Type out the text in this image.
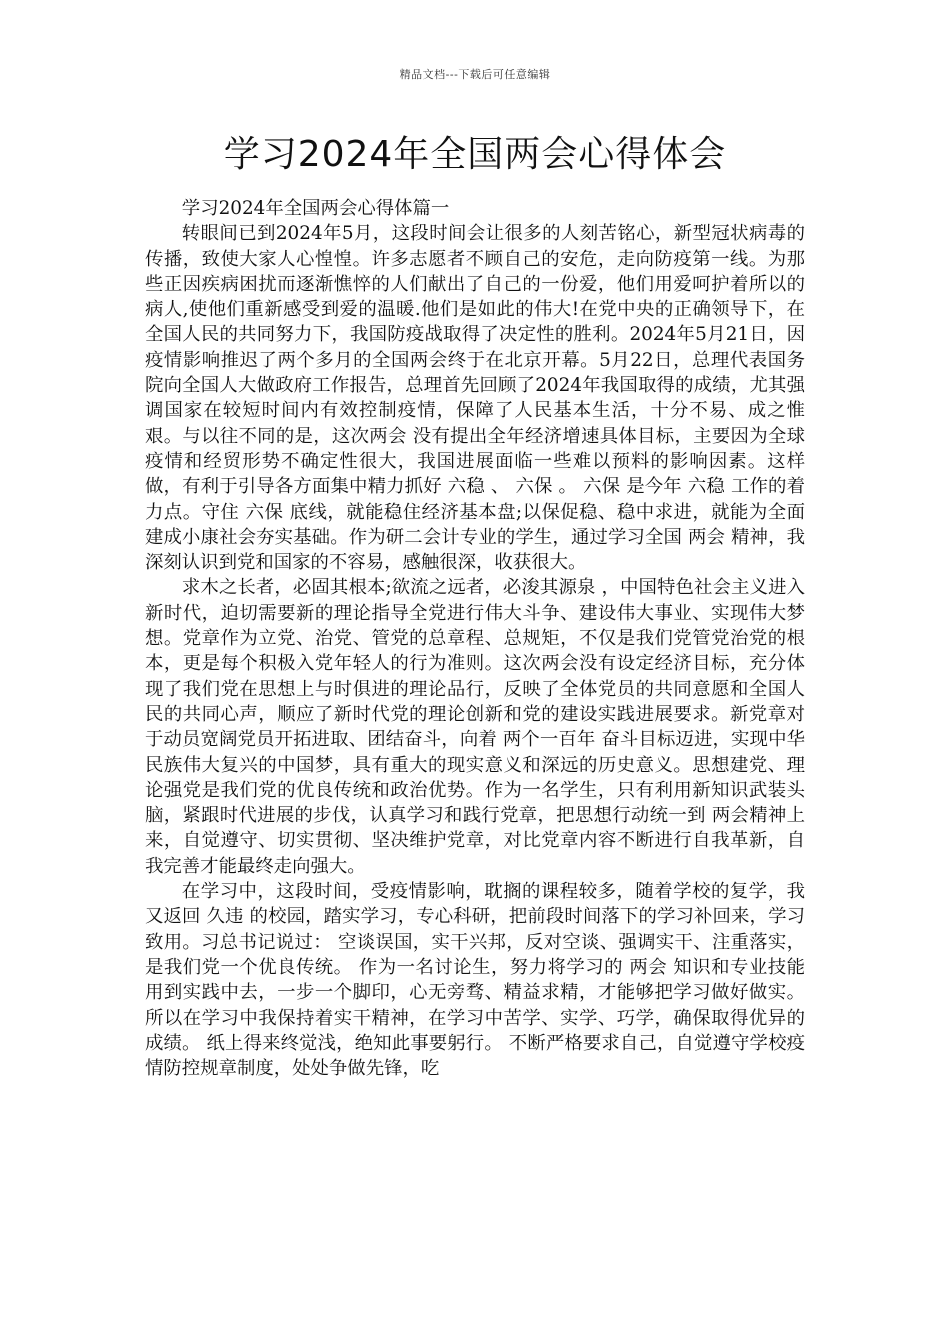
精品文档---下载后可任意编辑
学习2024年全国两会心得体会

学习2024年全国两会心得体篇一

转眼间已到2024年5月，这段时间会让很多的人刻苦铭心，新型冠状病毒的传播，致使大家人心惶惶。许多志愿者不顾自己的安危，走向防疫第一线。为那些正因疾病困扰而逐渐憔悴的人们献出了自己的一份爱，他们用爱呵护着所以的病人,使他们重新感受到爱的温暖.他们是如此的伟大!在党中央的正确领导下，在全国人民的共同努力下，我国防疫战取得了决定性的胜利。2024年5月21日，因疫情影响推迟了两个多月的全国两会终于在北京开幕。5月22日，总理代表国务院向全国人大做政府工作报告，总理首先回顾了2024年我国取得的成绩，尤其强调国家在较短时间内有效控制疫情，保障了人民基本生活，十分不易、成之惟艰。与以往不同的是，这次两会 没有提出全年经济增速具体目标，主要因为全球疫情和经贸形势不确定性很大，我国进展面临一些难以预料的影响因素。这样做，有利于引导各方面集中精力抓好 六稳 、 六保 。 六保 是今年 六稳 工作的着力点。守住 六保 底线，就能稳住经济基本盘;以保促稳、稳中求进，就能为全面建成小康社会夯实基础。作为研二会计专业的学生，通过学习全国 两会 精神，我深刻认识到党和国家的不容易，感触很深，收获很大。

求木之长者，必固其根本;欲流之远者，必浚其源泉 ，中国特色社会主义进入新时代，迫切需要新的理论指导全党进行伟大斗争、建设伟大事业、实现伟大梦想。党章作为立党、治党、管党的总章程、总规矩，不仅是我们党管党治党的根本，更是每个积极入党年轻人的行为准则。这次两会没有设定经济目标，充分体现了我们党在思想上与时俱进的理论品行，反映了全体党员的共同意愿和全国人民的共同心声，顺应了新时代党的理论创新和党的建设实践进展要求。新党章对于动员宽阔党员开拓进取、团结奋斗，向着 两个一百年 奋斗目标迈进，实现中华民族伟大复兴的中国梦，具有重大的现实意义和深远的历史意义。思想建党、理论强党是我们党的优良传统和政治优势。作为一名学生，只有利用新知识武装头脑，紧跟时代进展的步伐，认真学习和践行党章，把思想行动统一到 两会精神上来，自觉遵守、切实贯彻、坚决维护党章，对比党章内容不断进行自我革新，自我完善才能最终走向强大。

在学习中，这段时间，受疫情影响，耽搁的课程较多，随着学校的复学，我又返回 久违 的校园，踏实学习，专心科研，把前段时间落下的学习补回来，学习致用。习总书记说过： 空谈误国，实干兴邦，反对空谈、强调实干、注重落实，是我们党一个优良传统。 作为一名讨论生，努力将学习的 两会 知识和专业技能用到实践中去，一步一个脚印，心无旁骛、精益求精，才能够把学习做好做实。所以在学习中我保持着实干精神，在学习中苦学、实学、巧学，确保取得优异的成绩。 纸上得来终觉浅，绝知此事要躬行。 不断严格要求自己，自觉遵守学校疫情防控规章制度，处处争做先锋，吃
